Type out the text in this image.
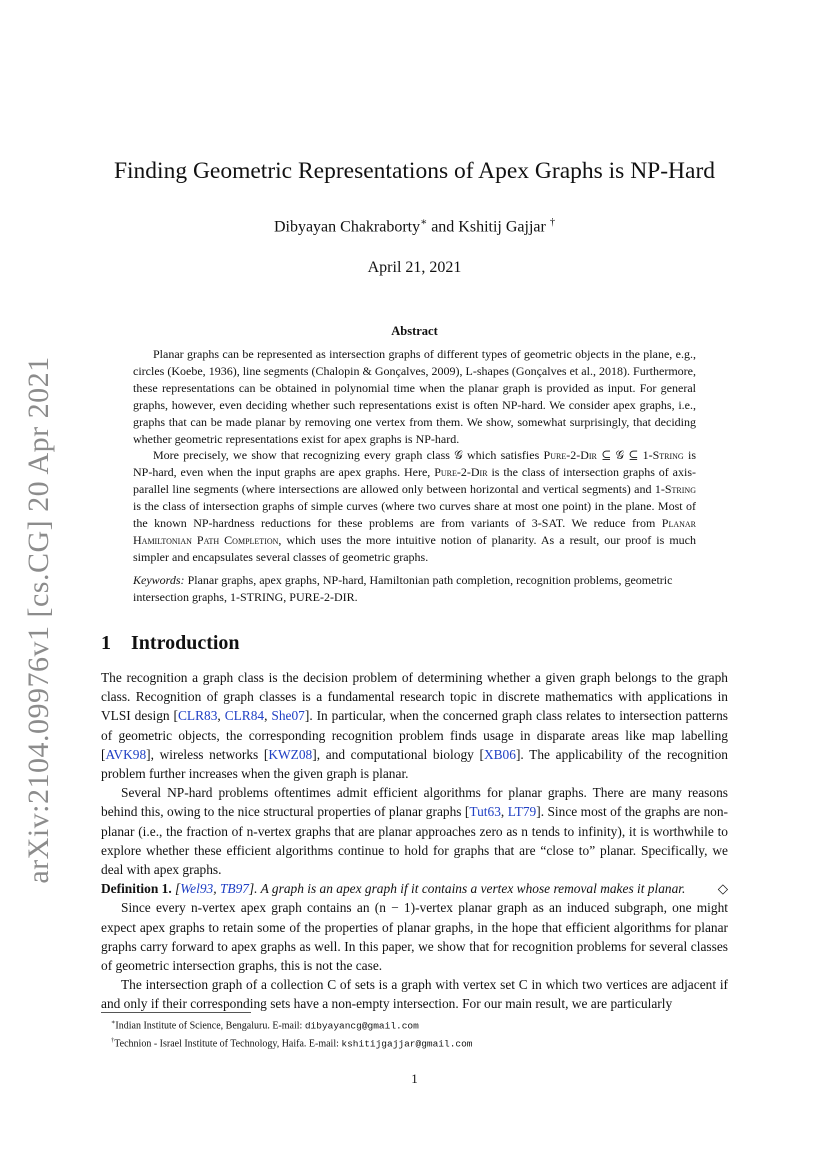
arXiv:2104.09976v1 [cs.CG] 20 Apr 2021
Finding Geometric Representations of Apex Graphs is NP-Hard
Dibyayan Chakraborty∗ and Kshitij Gajjar †
April 21, 2021
Abstract

Planar graphs can be represented as intersection graphs of different types of geometric objects in the plane, e.g., circles (Koebe, 1936), line segments (Chalopin & Gonçalves, 2009), L-shapes (Gonçalves et al., 2018). Furthermore, these representations can be obtained in polynomial time when the planar graph is provided as input. For general graphs, however, even deciding whether such representations exist is often NP-hard. We consider apex graphs, i.e., graphs that can be made planar by removing one vertex from them. We show, somewhat surprisingly, that deciding whether geometric representations exist for apex graphs is NP-hard.

More precisely, we show that recognizing every graph class 𝒢 which satisfies Pure-2-Dir ⊆ 𝒢 ⊆ 1-String is NP-hard, even when the input graphs are apex graphs. Here, Pure-2-Dir is the class of intersection graphs of axis-parallel line segments (where intersections are allowed only between horizontal and vertical segments) and 1-String is the class of intersection graphs of simple curves (where two curves share at most one point) in the plane. Most of the known NP-hardness reductions for these problems are from variants of 3-SAT. We reduce from Planar Hamiltonian Path Completion, which uses the more intuitive notion of planarity. As a result, our proof is much simpler and encapsulates several classes of geometric graphs.

Keywords: Planar graphs, apex graphs, NP-hard, Hamiltonian path completion, recognition problems, geometric intersection graphs, 1-STRING, PURE-2-DIR.
1 Introduction

The recognition a graph class is the decision problem of determining whether a given graph belongs to the graph class. Recognition of graph classes is a fundamental research topic in discrete mathematics with applications in VLSI design [CLR83, CLR84, She07]. In particular, when the concerned graph class relates to intersection patterns of geometric objects, the corresponding recognition problem finds usage in disparate areas like map labelling [AVK98], wireless networks [KWZ08], and computational biology [XB06]. The applicability of the recognition problem further increases when the given graph is planar.

Several NP-hard problems oftentimes admit efficient algorithms for planar graphs. There are many reasons behind this, owing to the nice structural properties of planar graphs [Tut63, LT79]. Since most of the graphs are non-planar (i.e., the fraction of n-vertex graphs that are planar approaches zero as n tends to infinity), it is worthwhile to explore whether these efficient algorithms continue to hold for graphs that are “close to” planar. Specifically, we deal with apex graphs.

Definition 1. [Wel93, TB97]. A graph is an apex graph if it contains a vertex whose removal makes it planar. ◇

Since every n-vertex apex graph contains an (n − 1)-vertex planar graph as an induced subgraph, one might expect apex graphs to retain some of the properties of planar graphs, in the hope that efficient algorithms for planar graphs carry forward to apex graphs as well. In this paper, we show that for recognition problems for several classes of geometric intersection graphs, this is not the case.

The intersection graph of a collection C of sets is a graph with vertex set C in which two vertices are adjacent if and only if their corresponding sets have a non-empty intersection. For our main result, we are particularly

∗Indian Institute of Science, Bengaluru. E-mail: dibyayancg@gmail.com
†Technion - Israel Institute of Technology, Haifa. E-mail: kshitijgajjar@gmail.com
1
